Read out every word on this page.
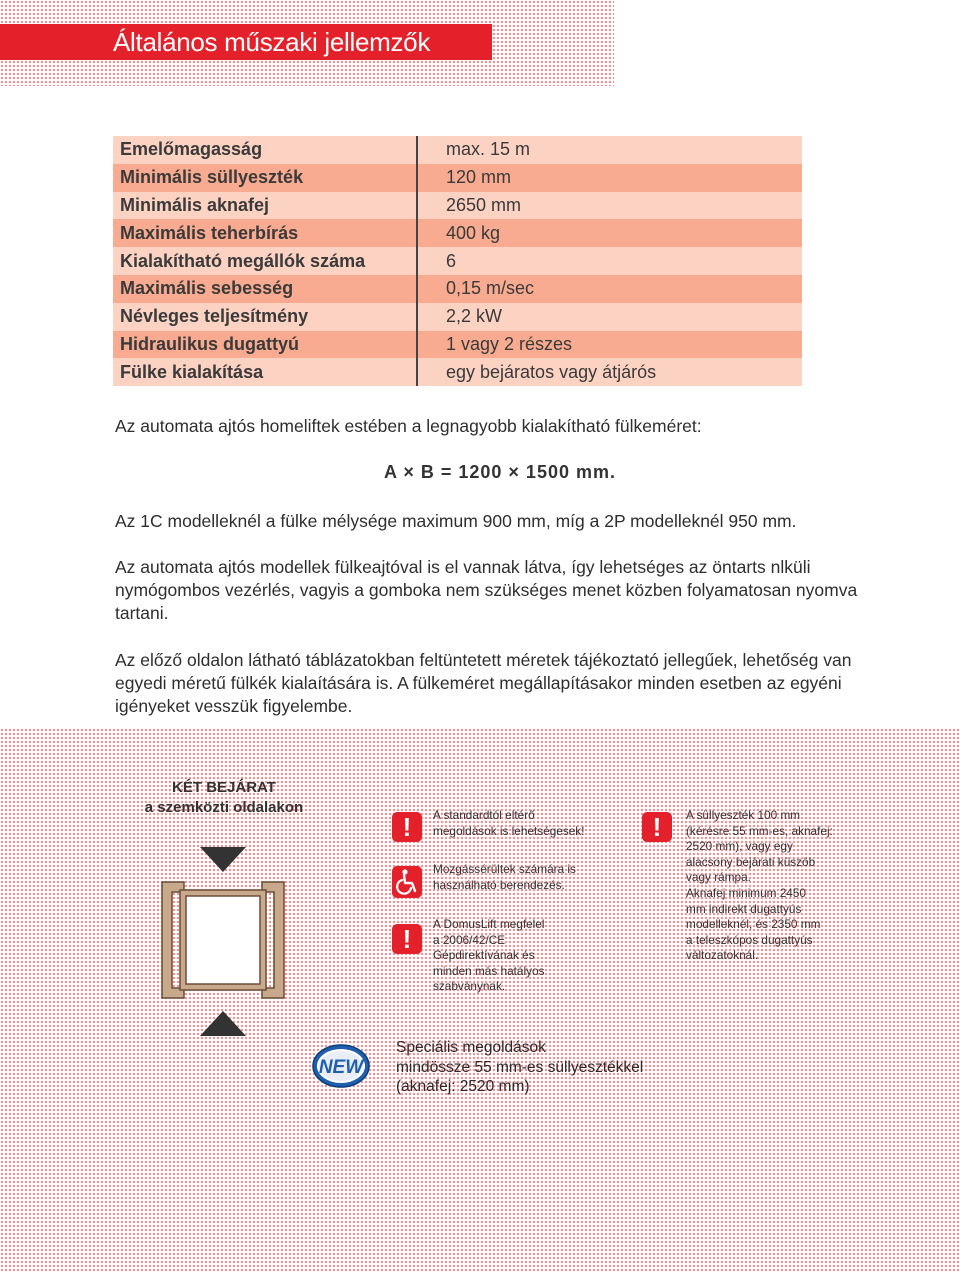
Általános műszaki jellemzők
Emelőmagasság	max. 15 m
Minimális süllyeszték	120 mm
Minimális aknafej	2650 mm
Maximális teherbírás	400 kg
Kialakítható megállók száma	6
Maximális sebesség	0,15 m/sec
Névleges teljesítmény	2,2 kW
Hidraulikus dugattyú	1 vagy 2 részes
Fülke kialakítása	egy bejáratos vagy átjárós
Az automata ajtós homeliftek estében a legnagyobb kialakítható fülkeméret:
A × B = 1200 × 1500 mm.
Az 1C modelleknél a fülke mélysége maximum 900 mm, míg a 2P modelleknél 950 mm.
Az automata ajtós modellek fülkeajtóval is el vannak látva, így lehetséges az öntarts nlküli nymógombos vezérlés, vagyis a gomboka nem szükséges menet közben folyamatosan nyomva tartani.
Az előző oldalon látható táblázatokban feltüntetett méretek tájékoztató jellegűek, lehetőség van egyedi méretű fülkék kialaítására is. A fülkeméret megállapításakor minden esetben az egyéni igényeket vesszük figyelembe.
KÉT BEJÁRAT
a szemközti oldalakon
!	A standardtól eltérő
megoldások is lehetségesek!
Mozgássérültek számára is
használható berendezés.
!	A DomusLift megfelel
a 2006/42/CE
Gépdirektívának és
minden más hatályos
szabványnak.
!	A süllyeszték 100 mm
(kérésre 55 mm-es, aknafej:
2520 mm), vagy egy
alacsony bejárati küszöb
vagy rámpa.
Aknafej minimum 2450
mm indirekt dugattyús
modelleknél, és 2350 mm
a teleszkópos dugattyús
változatoknál.
NEW
Speciális megoldások
mindössze 55 mm-es süllyesztékkel
(aknafej: 2520 mm)
